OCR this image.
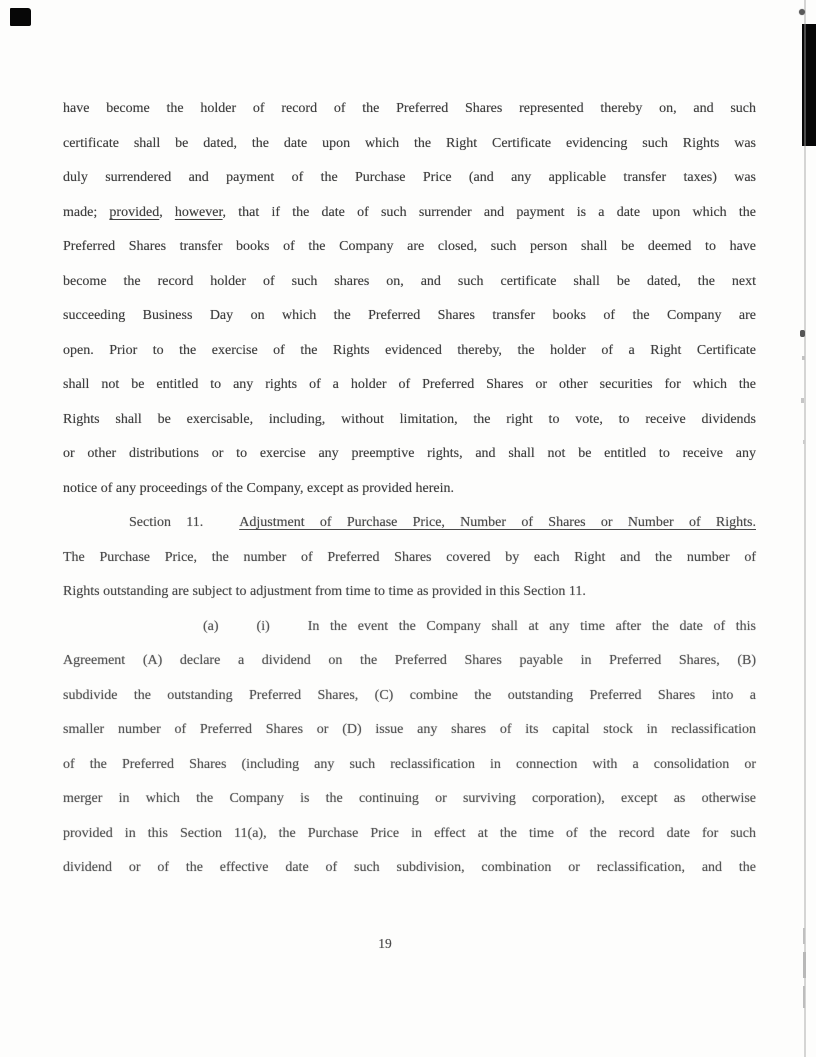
have become the holder of record of the Preferred Shares represented thereby on, and such
certificate shall be dated, the date upon which the Right Certificate evidencing such Rights was
duly surrendered and payment of the Purchase Price (and any applicable transfer taxes) was
made; provided, however, that if the date of such surrender and payment is a date upon which the
Preferred Shares transfer books of the Company are closed, such person shall be deemed to have
become the record holder of such shares on, and such certificate shall be dated, the next
succeeding Business Day on which the Preferred Shares transfer books of the Company are
open. Prior to the exercise of the Rights evidenced thereby, the holder of a Right Certificate
shall not be entitled to any rights of a holder of Preferred Shares or other securities for which the
Rights shall be exercisable, including, without limitation, the right to vote, to receive dividends
or other distributions or to exercise any preemptive rights, and shall not be entitled to receive any
notice of any proceedings of the Company, except as provided herein.
Section 11.	Adjustment of Purchase Price, Number of Shares or Number of Rights.
The Purchase Price, the number of Preferred Shares covered by each Right and the number of
Rights outstanding are subject to adjustment from time to time as provided in this Section 11.
(a)	(i)	In the event the Company shall at any time after the date of this
Agreement (A) declare a dividend on the Preferred Shares payable in Preferred Shares, (B)
subdivide the outstanding Preferred Shares, (C) combine the outstanding Preferred Shares into a
smaller number of Preferred Shares or (D) issue any shares of its capital stock in reclassification
of the Preferred Shares (including any such reclassification in connection with a consolidation or
merger in which the Company is the continuing or surviving corporation), except as otherwise
provided in this Section 11(a), the Purchase Price in effect at the time of the record date for such
dividend or of the effective date of such subdivision, combination or reclassification, and the
19
